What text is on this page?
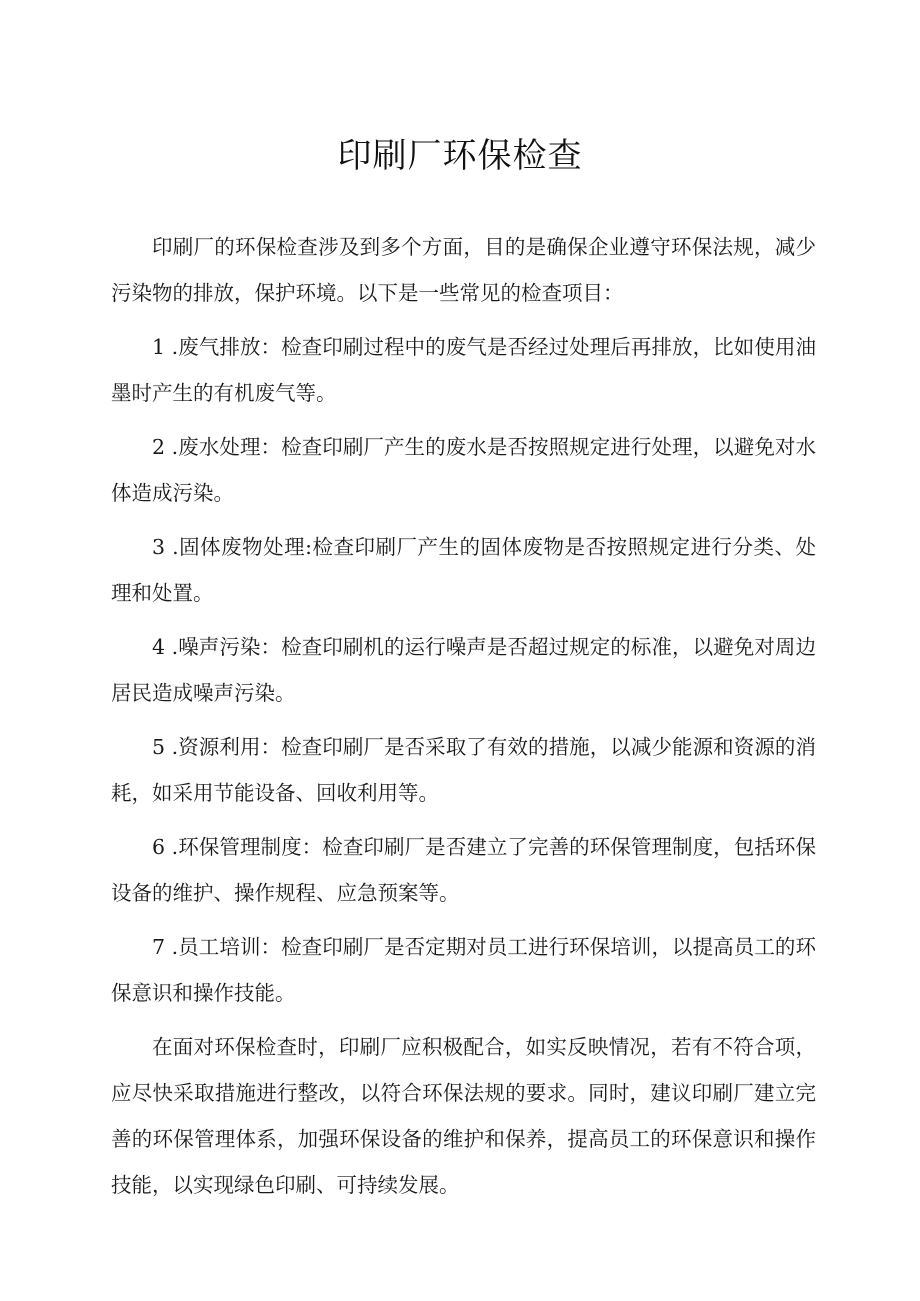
印刷厂环保检查

印刷厂的环保检查涉及到多个方面，目的是确保企业遵守环保法规，减少污染物的排放，保护环境。以下是一些常见的检查项目：

1 .废气排放：检查印刷过程中的废气是否经过处理后再排放，比如使用油墨时产生的有机废气等。

2 .废水处理：检查印刷厂产生的废水是否按照规定进行处理，以避免对水体造成污染。

3 .固体废物处理:检查印刷厂产生的固体废物是否按照规定进行分类、处理和处置。

4 .噪声污染：检查印刷机的运行噪声是否超过规定的标准，以避免对周边居民造成噪声污染。

5 .资源利用：检查印刷厂是否采取了有效的措施，以减少能源和资源的消耗，如采用节能设备、回收利用等。

6 .环保管理制度：检查印刷厂是否建立了完善的环保管理制度，包括环保设备的维护、操作规程、应急预案等。

7 .员工培训：检查印刷厂是否定期对员工进行环保培训，以提高员工的环保意识和操作技能。

在面对环保检查时，印刷厂应积极配合，如实反映情况，若有不符合项，应尽快采取措施进行整改，以符合环保法规的要求。同时，建议印刷厂建立完善的环保管理体系，加强环保设备的维护和保养，提高员工的环保意识和操作技能，以实现绿色印刷、可持续发展。
